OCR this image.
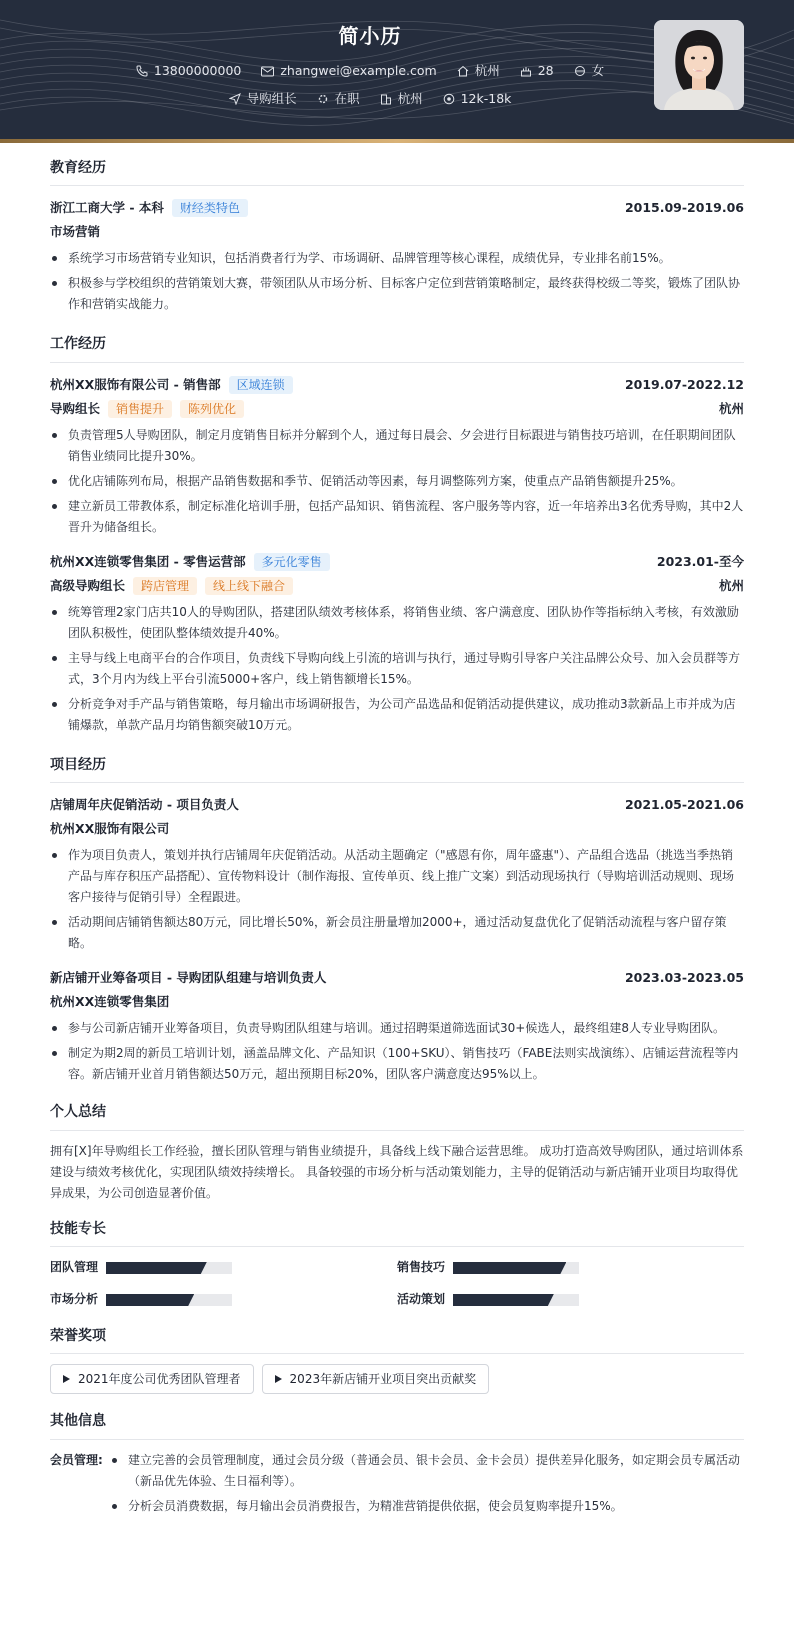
简小历
13800000000	zhangwei@example.com	杭州	28	女
导购组长	在职	杭州	12k-18k
教育经历
浙江工商大学 - 本科	财经类特色	2015.09-2019.06
市场营销
系统学习市场营销专业知识，包括消费者行为学、市场调研、品牌管理等核心课程，成绩优异，专业排名前15%。
积极参与学校组织的营销策划大赛，带领团队从市场分析、目标客户定位到营销策略制定，最终获得校级二等奖，锻炼了团队协作和营销实战能力。
工作经历
杭州XX服饰有限公司 - 销售部	区域连锁	2019.07-2022.12
导购组长	销售提升	陈列优化	杭州
负责管理5人导购团队，制定月度销售目标并分解到个人，通过每日晨会、夕会进行目标跟进与销售技巧培训，在任职期间团队销售业绩同比提升30%。
优化店铺陈列布局，根据产品销售数据和季节、促销活动等因素，每月调整陈列方案，使重点产品销售额提升25%。
建立新员工带教体系，制定标准化培训手册，包括产品知识、销售流程、客户服务等内容，近一年培养出3名优秀导购，其中2人晋升为储备组长。
杭州XX连锁零售集团 - 零售运营部	多元化零售	2023.01-至今
高级导购组长	跨店管理	线上线下融合	杭州
统筹管理2家门店共10人的导购团队，搭建团队绩效考核体系，将销售业绩、客户满意度、团队协作等指标纳入考核，有效激励团队积极性，使团队整体绩效提升40%。
主导与线上电商平台的合作项目，负责线下导购向线上引流的培训与执行，通过导购引导客户关注品牌公众号、加入会员群等方式，3个月内为线上平台引流5000+客户，线上销售额增长15%。
分析竞争对手产品与销售策略，每月输出市场调研报告，为公司产品选品和促销活动提供建议，成功推动3款新品上市并成为店铺爆款，单款产品月均销售额突破10万元。
项目经历
店铺周年庆促销活动 - 项目负责人	2021.05-2021.06
杭州XX服饰有限公司
作为项目负责人，策划并执行店铺周年庆促销活动。从活动主题确定（"感恩有你，周年盛惠"）、产品组合选品（挑选当季热销产品与库存积压产品搭配）、宣传物料设计（制作海报、宣传单页、线上推广文案）到活动现场执行（导购培训活动规则、现场客户接待与促销引导）全程跟进。
活动期间店铺销售额达80万元，同比增长50%，新会员注册量增加2000+，通过活动复盘优化了促销活动流程与客户留存策略。
新店铺开业筹备项目 - 导购团队组建与培训负责人	2023.03-2023.05
杭州XX连锁零售集团
参与公司新店铺开业筹备项目，负责导购团队组建与培训。通过招聘渠道筛选面试30+候选人，最终组建8人专业导购团队。
制定为期2周的新员工培训计划，涵盖品牌文化、产品知识（100+SKU）、销售技巧（FABE法则实战演练）、店铺运营流程等内容。新店铺开业首月销售额达50万元，超出预期目标20%，团队客户满意度达95%以上。
个人总结
拥有[X]年导购组长工作经验，擅长团队管理与销售业绩提升，具备线上线下融合运营思维。 成功打造高效导购团队，通过培训体系建设与绩效考核优化，实现团队绩效持续增长。 具备较强的市场分析与活动策划能力，主导的促销活动与新店铺开业项目均取得优异成果，为公司创造显著价值。
技能专长
团队管理	销售技巧
市场分析	活动策划
荣誉奖项
2021年度公司优秀团队管理者	2023年新店铺开业项目突出贡献奖
其他信息
会员管理:	建立完善的会员管理制度，通过会员分级（普通会员、银卡会员、金卡会员）提供差异化服务，如定期会员专属活动（新品优先体验、生日福利等）。
分析会员消费数据，每月输出会员消费报告，为精准营销提供依据，使会员复购率提升15%。
